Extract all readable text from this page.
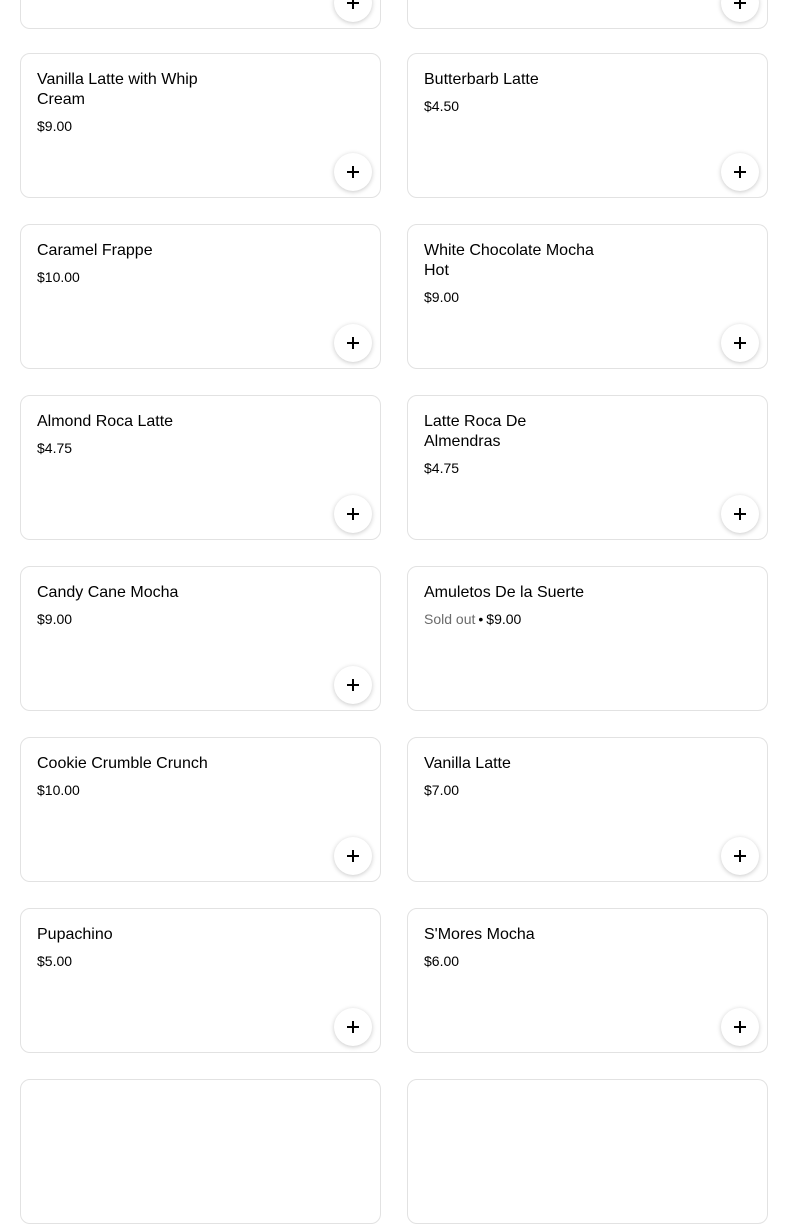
Vanilla Latte with Whip Cream
$9.00
Butterbarb Latte
$4.50
Caramel Frappe
$10.00
White Chocolate Mocha Hot
$9.00
Almond Roca Latte
$4.75
Latte Roca De Almendras
$4.75
Candy Cane Mocha
$9.00
Amuletos De la Suerte
Sold out • $9.00
Cookie Crumble Crunch
$10.00
Vanilla Latte
$7.00
Pupachino
$5.00
S'Mores Mocha
$6.00
